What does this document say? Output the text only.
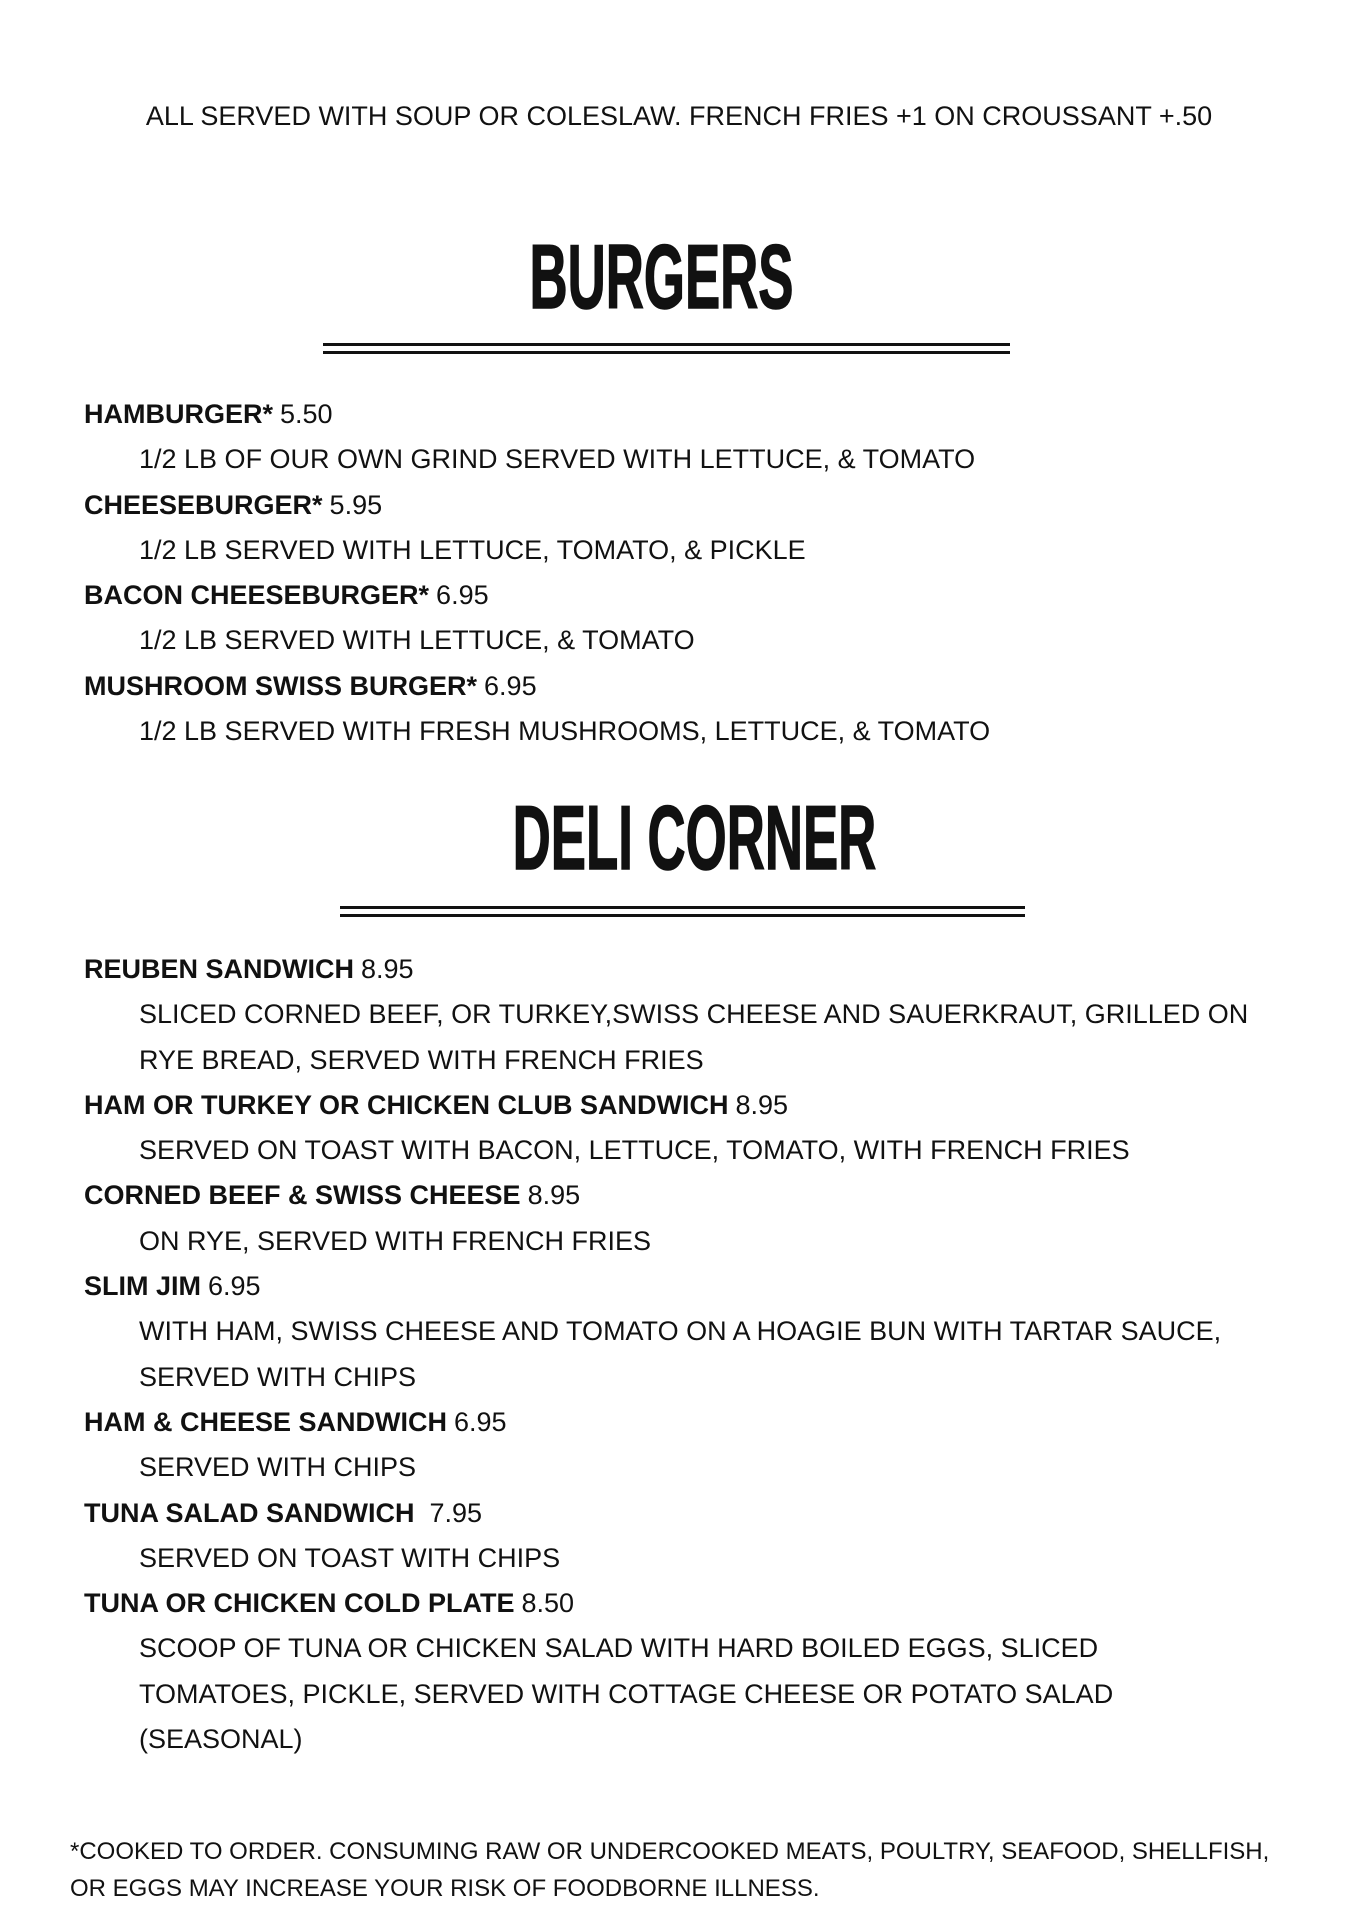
ALL SERVED WITH SOUP OR COLESLAW. FRENCH FRIES +1 ON CROUSSANT +.50
BURGERS
HAMBURGER* 5.50
1/2 LB OF OUR OWN GRIND SERVED WITH LETTUCE, & TOMATO
CHEESEBURGER* 5.95
1/2 LB SERVED WITH LETTUCE, TOMATO, & PICKLE
BACON CHEESEBURGER* 6.95
1/2 LB SERVED WITH LETTUCE, & TOMATO
MUSHROOM SWISS BURGER* 6.95
1/2 LB SERVED WITH FRESH MUSHROOMS, LETTUCE, & TOMATO
DELI CORNER
REUBEN SANDWICH 8.95
SLICED CORNED BEEF, OR TURKEY,SWISS CHEESE AND SAUERKRAUT, GRILLED ON
RYE BREAD, SERVED WITH FRENCH FRIES
HAM OR TURKEY OR CHICKEN CLUB SANDWICH 8.95
SERVED ON TOAST WITH BACON, LETTUCE, TOMATO, WITH FRENCH FRIES
CORNED BEEF & SWISS CHEESE 8.95
ON RYE, SERVED WITH FRENCH FRIES
SLIM JIM 6.95
WITH HAM, SWISS CHEESE AND TOMATO ON A HOAGIE BUN WITH TARTAR SAUCE,
SERVED WITH CHIPS
HAM & CHEESE SANDWICH 6.95
SERVED WITH CHIPS
TUNA SALAD SANDWICH 7.95
SERVED ON TOAST WITH CHIPS
TUNA OR CHICKEN COLD PLATE 8.50
SCOOP OF TUNA OR CHICKEN SALAD WITH HARD BOILED EGGS, SLICED
TOMATOES, PICKLE, SERVED WITH COTTAGE CHEESE OR POTATO SALAD
(SEASONAL)
*COOKED TO ORDER. CONSUMING RAW OR UNDERCOOKED MEATS, POULTRY, SEAFOOD, SHELLFISH,
OR EGGS MAY INCREASE YOUR RISK OF FOODBORNE ILLNESS.
